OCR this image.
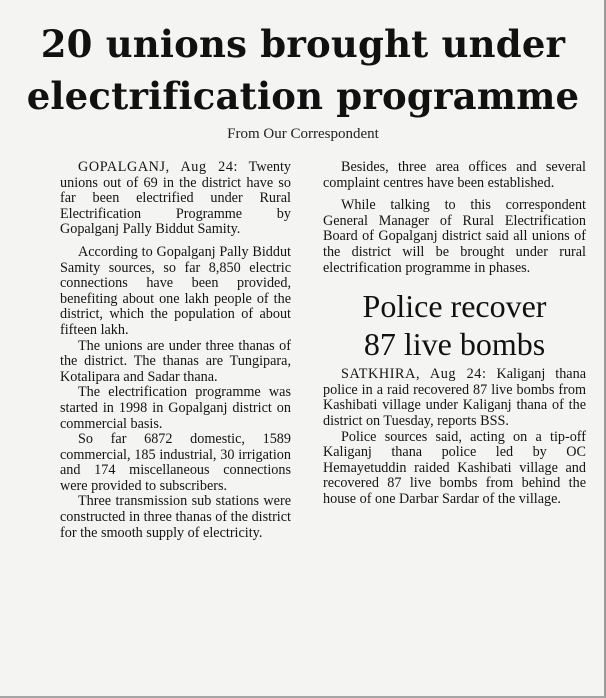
20 unions brought under
electrification programme
From Our Correspondent

GOPALGANJ, Aug 24: Twenty unions out of 69 in the district have so far been electrified under Rural Electrification Programme by Gopalganj Pally Biddut Samity.

According to Gopalganj Pally Biddut Samity sources, so far 8,850 electric connections have been provided, benefiting about one lakh people of the district, which the population of about fifteen lakh.

The unions are under three thanas of the district. The thanas are Tungipara, Kotalipara and Sadar thana.

The electrification programme was started in 1998 in Gopalganj district on commercial basis.

So far 6872 domestic, 1589 commercial, 185 industrial, 30 irrigation and 174 miscellaneous connections were provided to subscribers.

Three transmission sub stations were constructed in three thanas of the district for the smooth supply of electricity.

Besides, three area offices and several complaint centres have been established.

While talking to this correspondent General Manager of Rural Electrification Board of Gopalganj district said all unions of the district will be brought under rural electrification programme in phases.

Police recover
87 live bombs

SATKHIRA, Aug 24: Kaliganj thana police in a raid recovered 87 live bombs from Kashibati village under Kaliganj thana of the district on Tuesday, reports BSS.

Police sources said, acting on a tip-off Kaliganj thana police led by OC Hemayetuddin raided Kashibati village and recovered 87 live bombs from behind the house of one Darbar Sardar of the village.
